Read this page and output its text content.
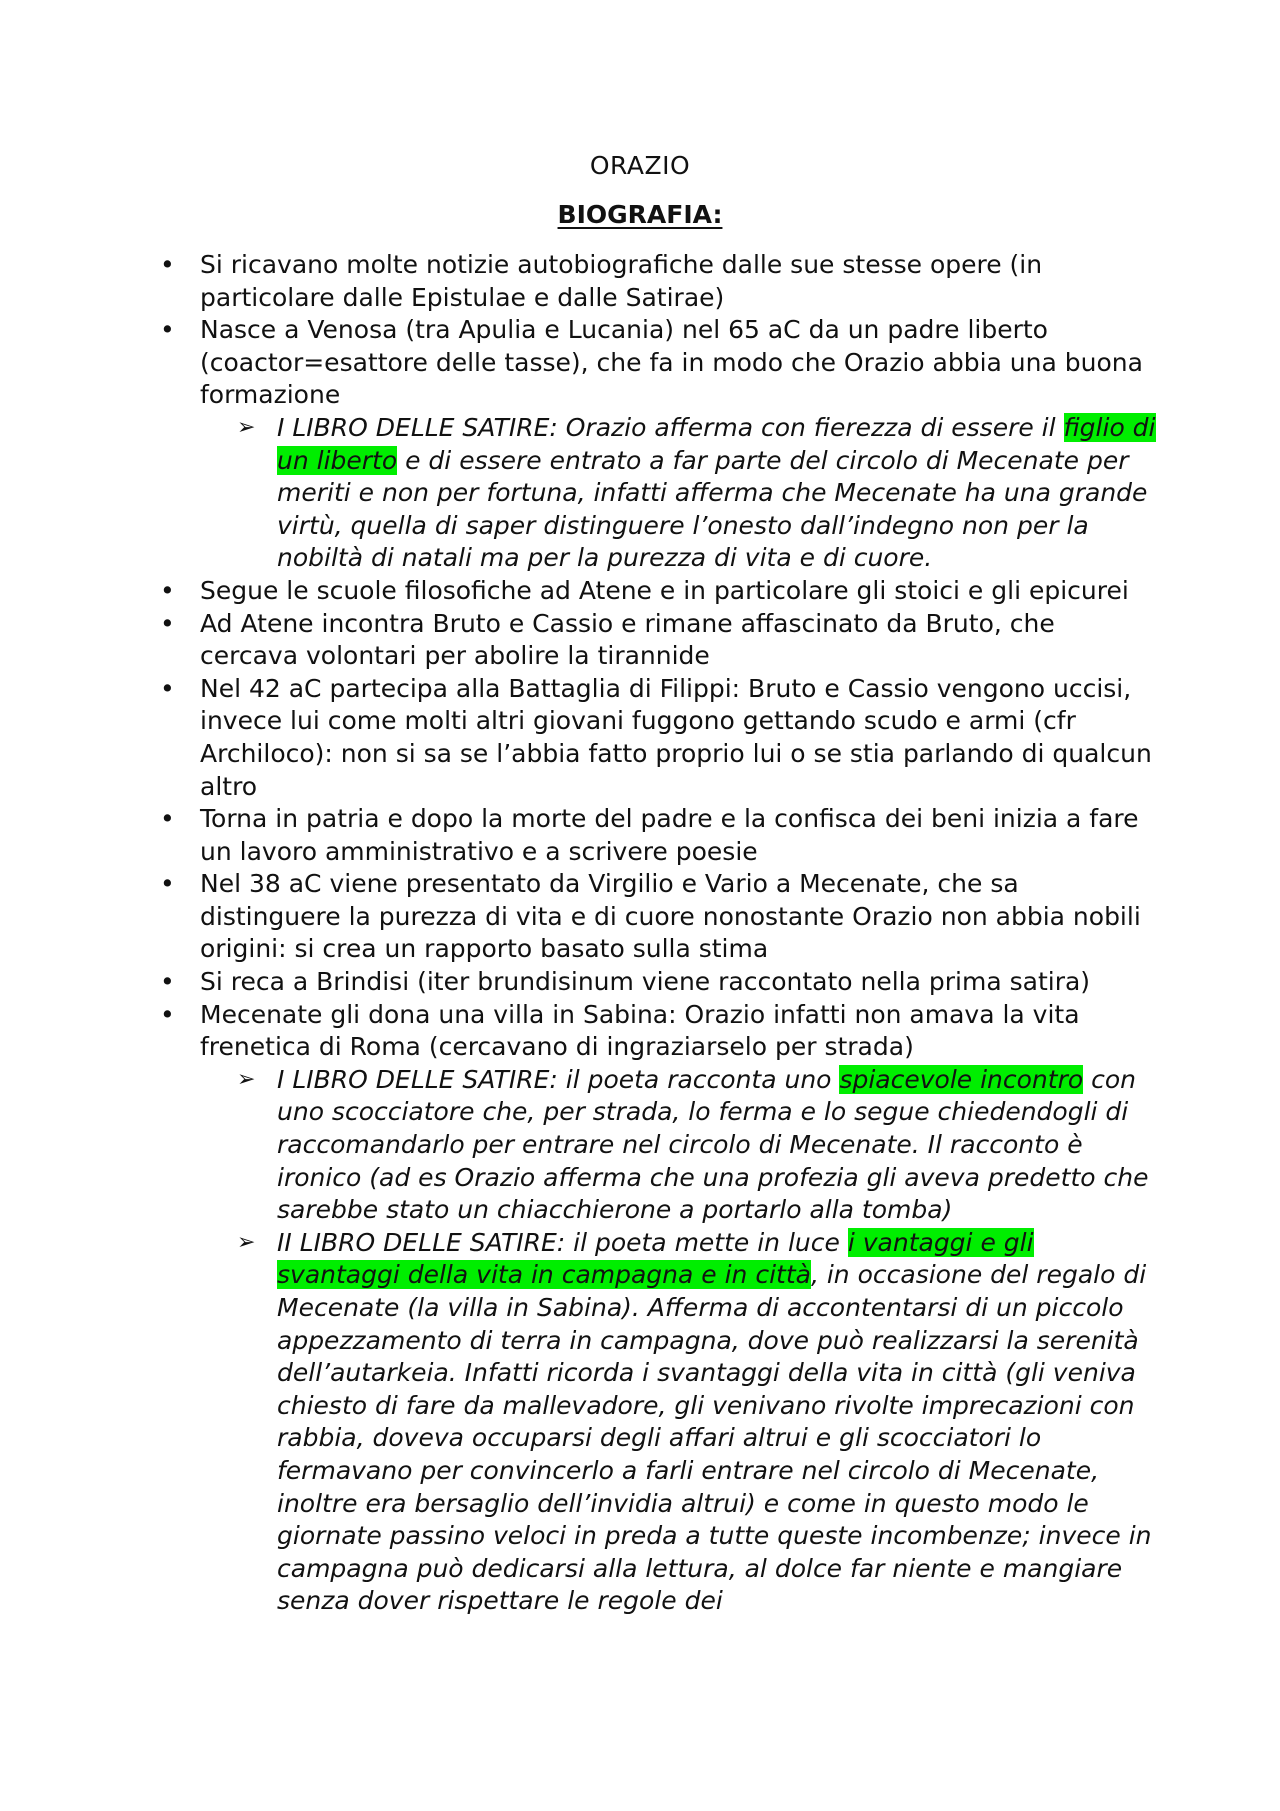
ORAZIO
BIOGRAFIA:
•	Si ricavano molte notizie autobiografiche dalle sue stesse opere (in particolare dalle Epistulae e dalle Satirae)
•	Nasce a Venosa (tra Apulia e Lucania) nel 65 aC da un padre liberto (coactor=esattore delle tasse), che fa in modo che Orazio abbia una buona formazione
➢ I LIBRO DELLE SATIRE: Orazio afferma con fierezza di essere il figlio di un liberto e di essere entrato a far parte del circolo di Mecenate per meriti e non per fortuna, infatti afferma che Mecenate ha una grande virtù, quella di saper distinguere l’onesto dall’indegno non per la nobiltà di natali ma per la purezza di vita e di cuore.
•	Segue le scuole filosofiche ad Atene e in particolare gli stoici e gli epicurei
•	Ad Atene incontra Bruto e Cassio e rimane affascinato da Bruto, che cercava volontari per abolire la tirannide
•	Nel 42 aC partecipa alla Battaglia di Filippi: Bruto e Cassio vengono uccisi, invece lui come molti altri giovani fuggono gettando scudo e armi (cfr Archiloco): non si sa se l’abbia fatto proprio lui o se stia parlando di qualcun altro
•	Torna in patria e dopo la morte del padre e la confisca dei beni inizia a fare un lavoro amministrativo e a scrivere poesie
•	Nel 38 aC viene presentato da Virgilio e Vario a Mecenate, che sa distinguere la purezza di vita e di cuore nonostante Orazio non abbia nobili origini: si crea un rapporto basato sulla stima
•	Si reca a Brindisi (iter brundisinum viene raccontato nella prima satira)
•	Mecenate gli dona una villa in Sabina: Orazio infatti non amava la vita frenetica di Roma (cercavano di ingraziarselo per strada)
➢ I LIBRO DELLE SATIRE: il poeta racconta uno spiacevole incontro con uno scocciatore che, per strada, lo ferma e lo segue chiedendogli di raccomandarlo per entrare nel circolo di Mecenate. Il racconto è ironico (ad es Orazio afferma che una profezia gli aveva predetto che sarebbe stato un chiacchierone a portarlo alla tomba)
➢ II LIBRO DELLE SATIRE: il poeta mette in luce i vantaggi e gli svantaggi della vita in campagna e in città, in occasione del regalo di Mecenate (la villa in Sabina). Afferma di accontentarsi di un piccolo appezzamento di terra in campagna, dove può realizzarsi la serenità dell’autarkeia. Infatti ricorda i svantaggi della vita in città (gli veniva chiesto di fare da mallevadore, gli venivano rivolte imprecazioni con rabbia, doveva occuparsi degli affari altrui e gli scocciatori lo fermavano per convincerlo a farli entrare nel circolo di Mecenate, inoltre era bersaglio dell’invidia altrui) e come in questo modo le giornate passino veloci in preda a tutte queste incombenze; invece in campagna può dedicarsi alla lettura, al dolce far niente e mangiare senza dover rispettare le regole dei
